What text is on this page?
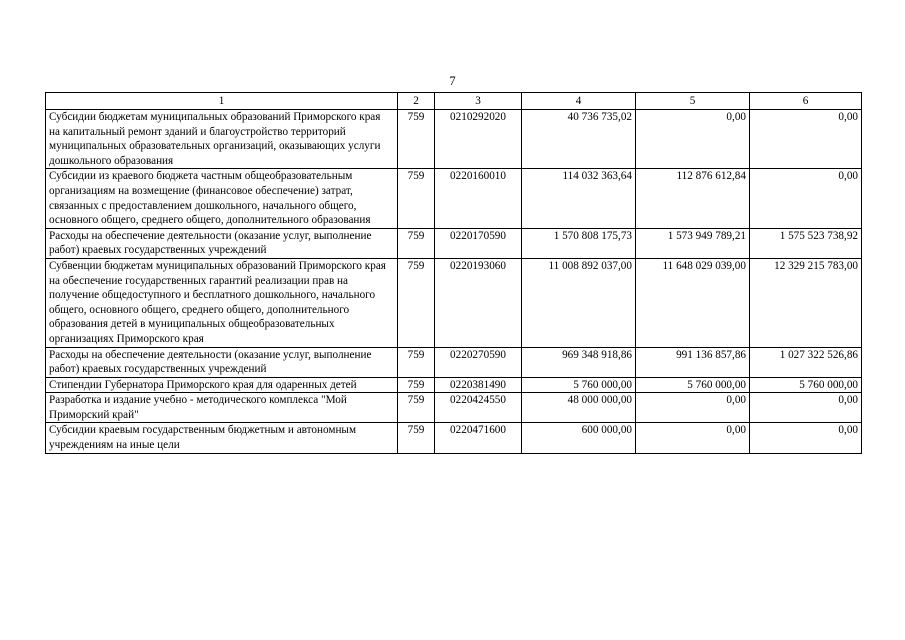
7
1	2	3	4	5	6
Субсидии бюджетам муниципальных образований Приморского края на капитальный ремонт зданий и благоустройство территорий муниципальных образовательных организаций, оказывающих услуги дошкольного образования	759	0210292020	40 736 735,02	0,00	0,00
Субсидии из краевого бюджета частным общеобразовательным организациям на возмещение (финансовое обеспечение) затрат, связанных с предоставлением дошкольного, начального общего, основного общего, среднего общего, дополнительного образования	759	0220160010	114 032 363,64	112 876 612,84	0,00
Расходы на обеспечение деятельности (оказание услуг, выполнение работ) краевых государственных учреждений	759	0220170590	1 570 808 175,73	1 573 949 789,21	1 575 523 738,92
Субвенции бюджетам муниципальных образований Приморского края на обеспечение государственных гарантий реализации прав на получение общедоступного и бесплатного дошкольного, начального общего, основного общего, среднего общего, дополнительного образования детей в муниципальных общеобразовательных организациях Приморского края	759	0220193060	11 008 892 037,00	11 648 029 039,00	12 329 215 783,00
Расходы на обеспечение деятельности (оказание услуг, выполнение работ) краевых государственных учреждений	759	0220270590	969 348 918,86	991 136 857,86	1 027 322 526,86
Стипендии Губернатора Приморского края для одаренных детей	759	0220381490	5 760 000,00	5 760 000,00	5 760 000,00
Разработка и издание учебно - методического комплекса "Мой Приморский край"	759	0220424550	48 000 000,00	0,00	0,00
Субсидии краевым государственным бюджетным и автономным учреждениям на иные цели	759	0220471600	600 000,00	0,00	0,00
